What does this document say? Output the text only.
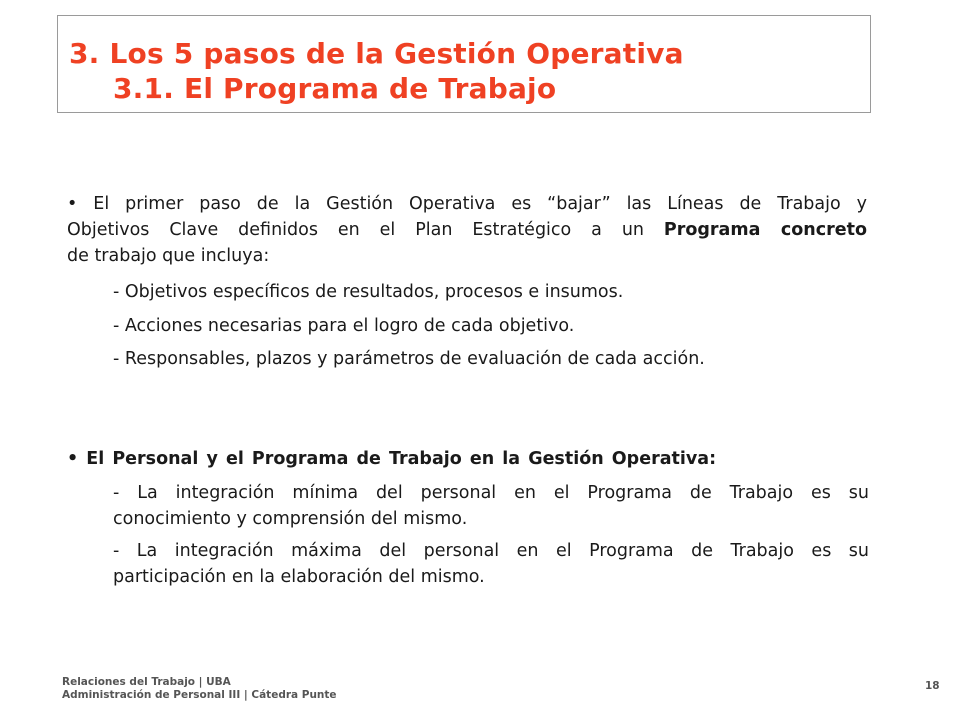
3. Los 5 pasos de la Gestión Operativa
3.1. El Programa de Trabajo
• El primer paso de la Gestión Operativa es “bajar” las Líneas de Trabajo y
Objetivos Clave definidos en el Plan Estratégico a un Programa concreto
de trabajo que incluya:
- Objetivos específicos de resultados, procesos e insumos.
- Acciones necesarias para el logro de cada objetivo.
- Responsables, plazos y parámetros de evaluación de cada acción.
• El Personal y el Programa de Trabajo en la Gestión Operativa:
- La integración mínima del personal en el Programa de Trabajo es su
conocimiento y comprensión del mismo.
- La integración máxima del personal en el Programa de Trabajo es su
participación en la elaboración del mismo.
Relaciones del Trabajo | UBA
Administración de Personal III | Cátedra Punte
18
